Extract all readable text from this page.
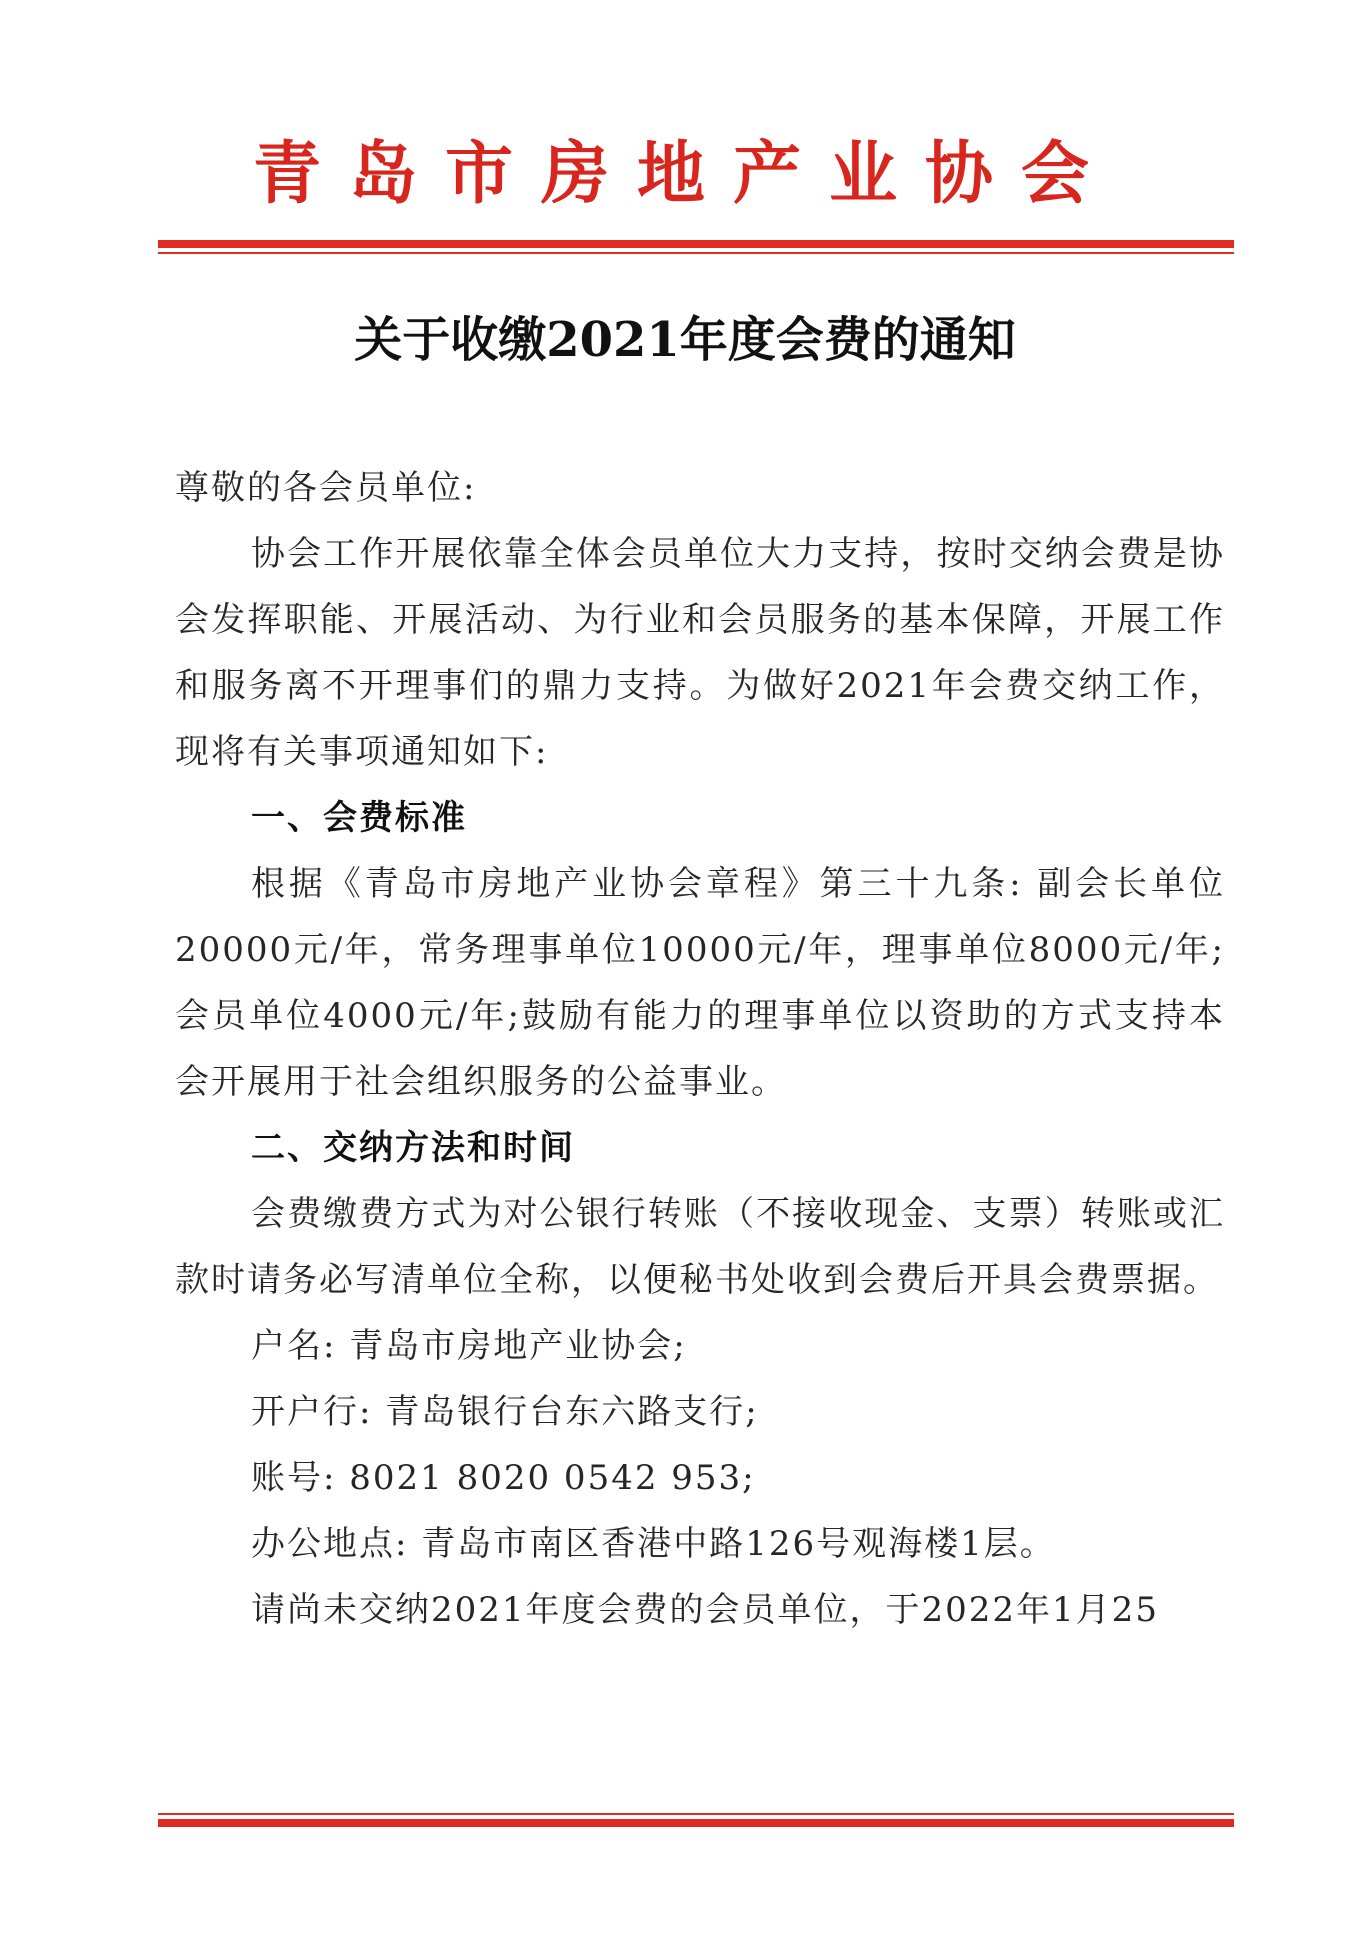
青岛市房地产业协会
关于收缴2021年度会费的通知

尊敬的各会员单位:

协会工作开展依靠全体会员单位大力支持，按时交纳会费是协会发挥职能、开展活动、为行业和会员服务的基本保障，开展工作和服务离不开理事们的鼎力支持。为做好2021年会费交纳工作，现将有关事项通知如下:

一、会费标准

根据《青岛市房地产业协会章程》第三十九条: 副会长单位20000元/年，常务理事单位10000元/年，理事单位8000元/年;会员单位4000元/年;鼓励有能力的理事单位以资助的方式支持本会开展用于社会组织服务的公益事业。

二、交纳方法和时间

会费缴费方式为对公银行转账（不接收现金、支票）转账或汇款时请务必写清单位全称，以便秘书处收到会费后开具会费票据。

户名: 青岛市房地产业协会;

开户行: 青岛银行台东六路支行;

账号: 8021 8020 0542 953;

办公地点: 青岛市南区香港中路126号观海楼1层。

请尚未交纳2021年度会费的会员单位，于2022年1月25
